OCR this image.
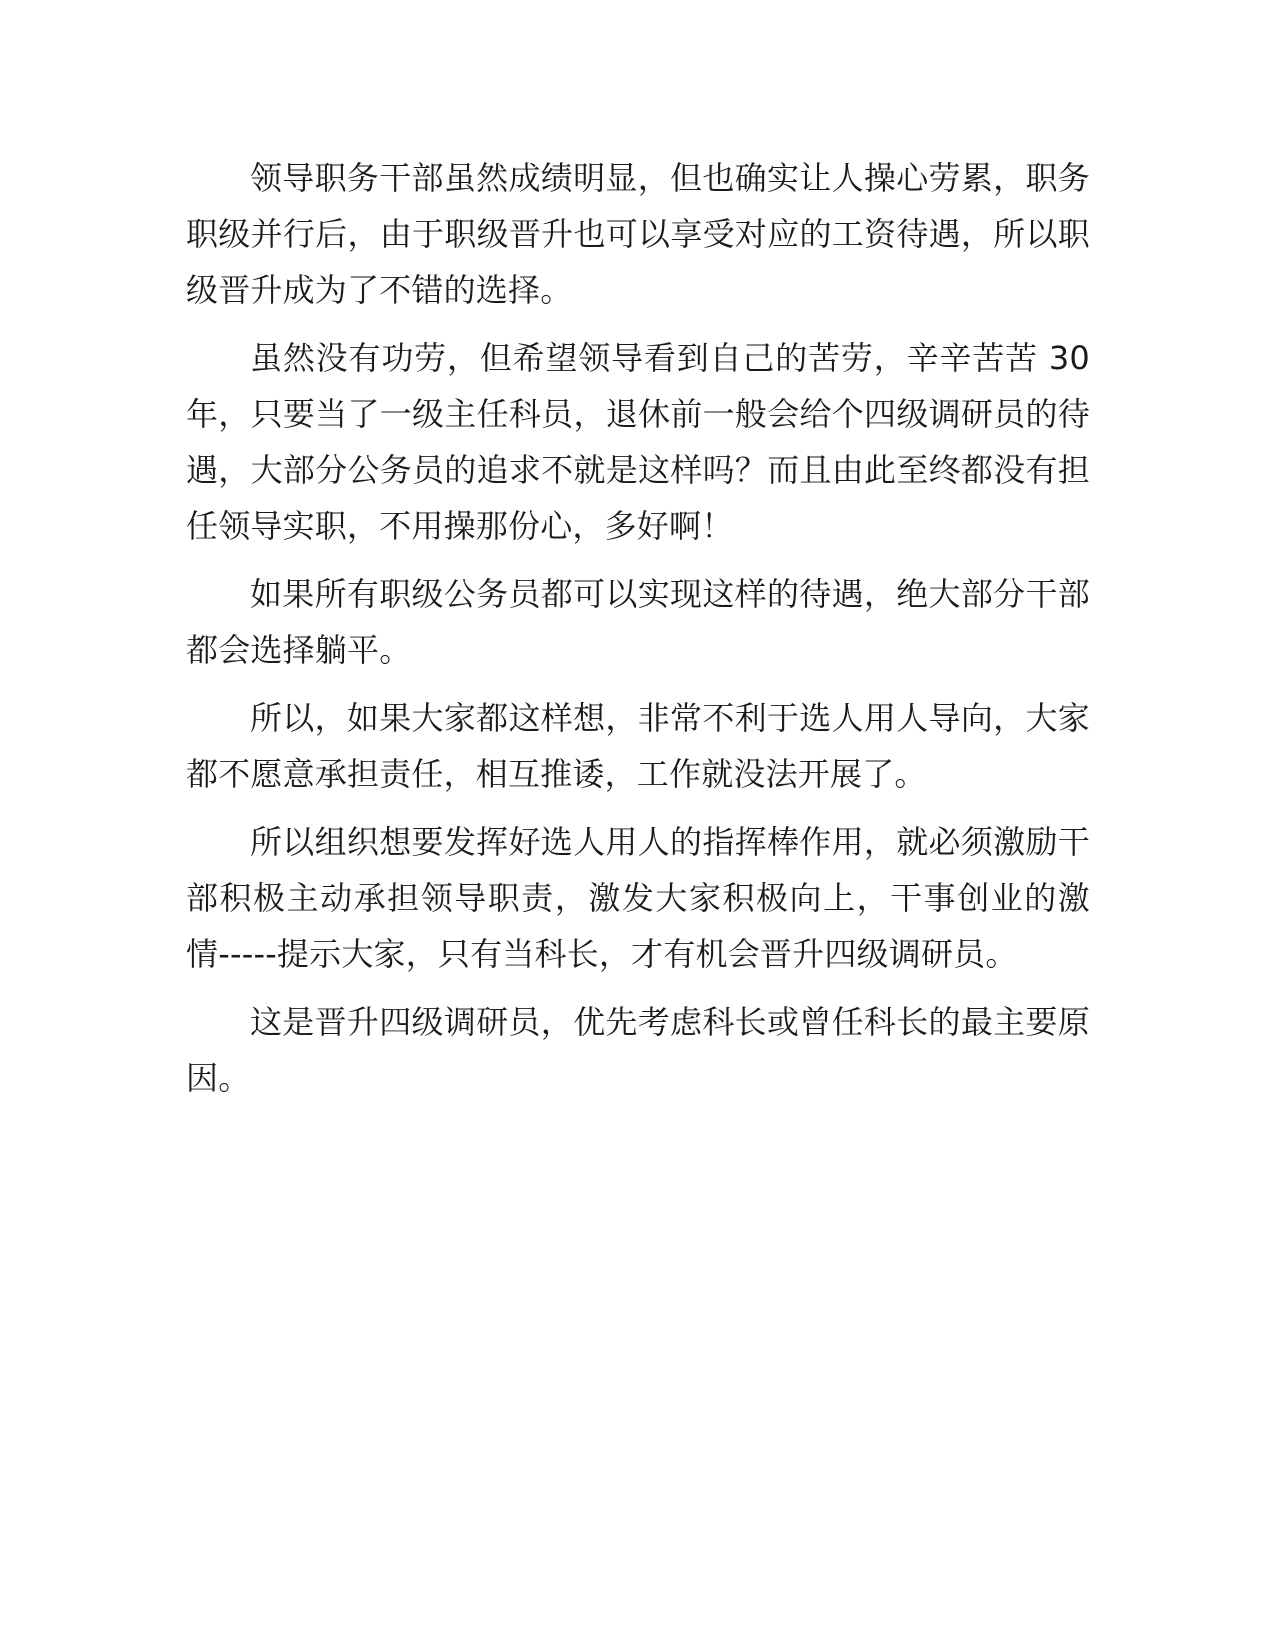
领导职务干部虽然成绩明显，但也确实让人操心劳累，职务职级并行后，由于职级晋升也可以享受对应的工资待遇，所以职级晋升成为了不错的选择。

虽然没有功劳，但希望领导看到自己的苦劳，辛辛苦苦 30 年，只要当了一级主任科员，退休前一般会给个四级调研员的待遇，大部分公务员的追求不就是这样吗？而且由此至终都没有担任领导实职，不用操那份心，多好啊！

如果所有职级公务员都可以实现这样的待遇，绝大部分干部都会选择躺平。

所以，如果大家都这样想，非常不利于选人用人导向，大家都不愿意承担责任，相互推诿，工作就没法开展了。

所以组织想要发挥好选人用人的指挥棒作用，就必须激励干部积极主动承担领导职责，激发大家积极向上，干事创业的激情-----提示大家，只有当科长，才有机会晋升四级调研员。

这是晋升四级调研员，优先考虑科长或曾任科长的最主要原因。
